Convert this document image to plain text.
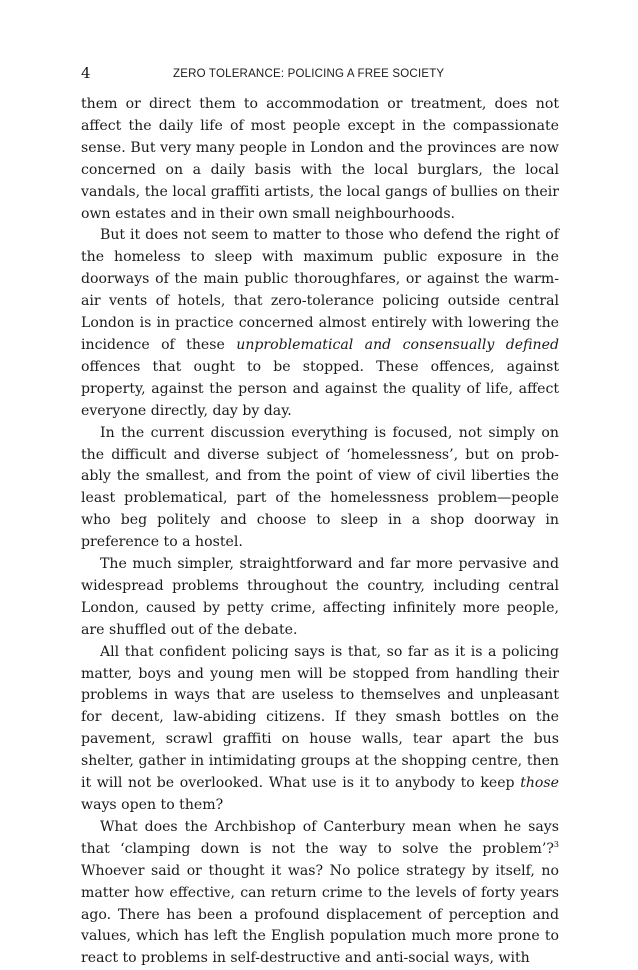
4	ZERO TOLERANCE: POLICING A FREE SOCIETY

them or direct them to accommodation or treatment, does not affect the daily life of most people except in the compassionate sense. But very many people in London and the provinces are now concerned on a daily basis with the local burglars, the local vandals, the local graffiti artists, the local gangs of bullies on their own estates and in their own small neighbourhoods.

But it does not seem to matter to those who defend the right of the homeless to sleep with maximum public exposure in the doorways of the main public thoroughfares, or against the warm-air vents of hotels, that zero-tolerance policing outside central London is in practice concerned almost entirely with lowering the incidence of these unproblematical and consensually defined offences that ought to be stopped. These offences, against property, against the person and against the quality of life, affect everyone directly, day by day.

In the current discussion everything is focused, not simply on the difficult and diverse subject of ‘homelessness’, but on probably the smallest, and from the point of view of civil liberties the least problematical, part of the homelessness problem—people who beg politely and choose to sleep in a shop doorway in preference to a hostel.

The much simpler, straightforward and far more pervasive and widespread problems throughout the country, including central London, caused by petty crime, affecting infinitely more people, are shuffled out of the debate.

All that confident policing says is that, so far as it is a policing matter, boys and young men will be stopped from handling their problems in ways that are useless to themselves and unpleasant for decent, law-abiding citizens. If they smash bottles on the pavement, scrawl graffiti on house walls, tear apart the bus shelter, gather in intimidating groups at the shopping centre, then it will not be overlooked. What use is it to anybody to keep those ways open to them?

What does the Archbishop of Canterbury mean when he says that ‘clamping down is not the way to solve the problem’?$^3$ Whoever said or thought it was? No police strategy by itself, no matter how effective, can return crime to the levels of forty years ago. There has been a profound displacement of perception and values, which has left the English population much more prone to react to problems in self-destructive and anti-social ways, with
